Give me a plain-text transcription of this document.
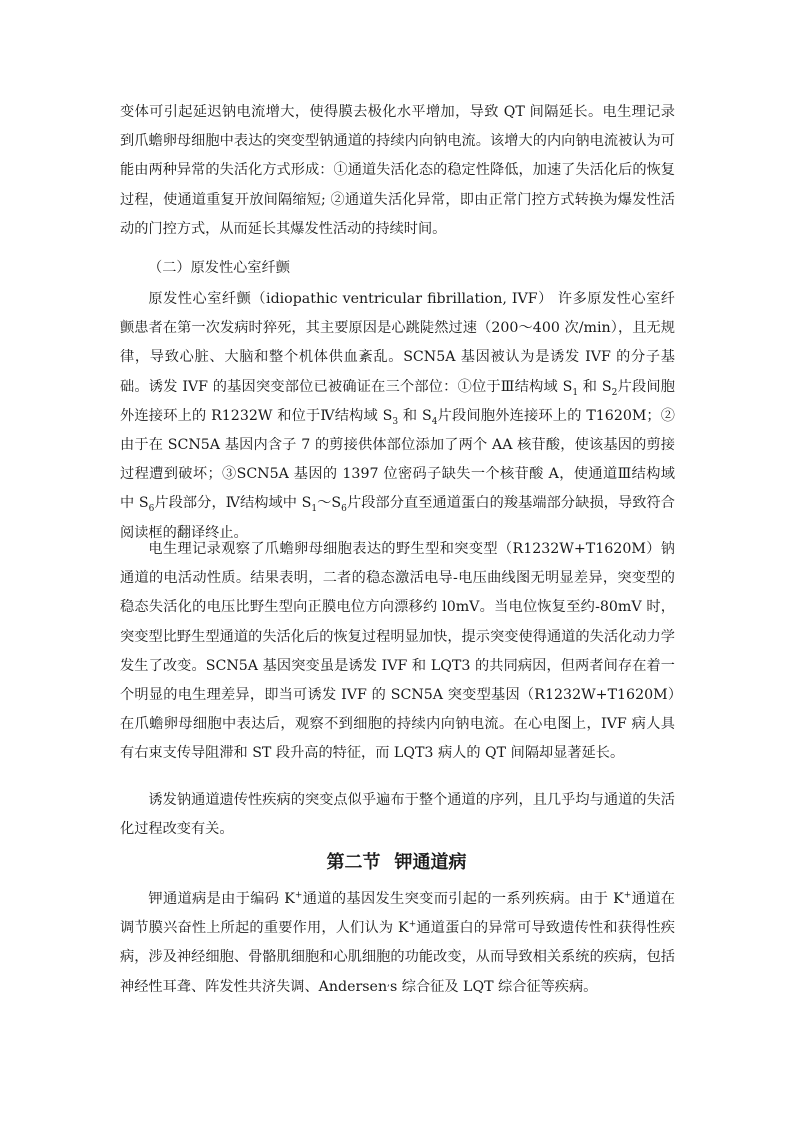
变体可引起延迟钠电流增大，使得膜去极化水平增加，导致 QT 间隔延长。电生理记录到爪蟾卵母细胞中表达的突变型钠通道的持续内向钠电流。该增大的内向钠电流被认为可能由两种异常的失活化方式形成：①通道失活化态的稳定性降低，加速了失活化后的恢复过程，使通道重复开放间隔缩短; ②通道失活化异常，即由正常门控方式转换为爆发性活动的门控方式，从而延长其爆发性活动的持续时间。

（二）原发性心室纤颤

原发性心室纤颤（idiopathic ventricular fibrillation, IVF） 许多原发性心室纤颤患者在第一次发病时猝死，其主要原因是心跳陡然过速（200～400 次/min），且无规律，导致心脏、大脑和整个机体供血紊乱。SCN5A 基因被认为是诱发 IVF 的分子基础。诱发 IVF 的基因突变部位已被确证在三个部位：①位于Ⅲ结构域 $S_1$ 和 $S_2$片段间胞外连接环上的 R1232W 和位于Ⅳ结构域 $S_3$ 和 $S_4$片段间胞外连接环上的 T1620M；②由于在 SCN5A 基因内含子 7 的剪接供体部位添加了两个 AA 核苷酸，使该基因的剪接过程遭到破坏；③SCN5A 基因的 1397 位密码子缺失一个核苷酸 A，使通道Ⅲ结构域中 $S_6$片段部分，Ⅳ结构域中 $S_1\sim S_6$片段部分直至通道蛋白的羧基端部分缺损，导致符合阅读框的翻译终止。

电生理记录观察了爪蟾卵母细胞表达的野生型和突变型（R1232W+T1620M）钠通道的电活动性质。结果表明，二者的稳态激活电导-电压曲线图无明显差异，突变型的稳态失活化的电压比野生型向正膜电位方向漂移约 l0mV。当电位恢复至约-80mV 时，突变型比野生型通道的失活化后的恢复过程明显加快，提示突变使得通道的失活化动力学发生了改变。SCN5A 基因突变虽是诱发 IVF 和 LQT3 的共同病因，但两者间存在着一个明显的电生理差异，即当可诱发 IVF 的 SCN5A 突变型基因（R1232W+T1620M）在爪蟾卵母细胞中表达后，观察不到细胞的持续内向钠电流。在心电图上，IVF 病人具有右束支传导阻滞和 ST 段升高的特征，而 LQT3 病人的 QT 间隔却显著延长。

诱发钠通道遗传性疾病的突变点似乎遍布于整个通道的序列，且几乎均与通道的失活化过程改变有关。

第二节 钾通道病

钾通道病是由于编码 K+通道的基因发生突变而引起的一系列疾病。由于 K+通道在调节膜兴奋性上所起的重要作用，人们认为 K+通道蛋白的异常可导致遗传性和获得性疾病，涉及神经细胞、骨骼肌细胞和心肌细胞的功能改变，从而导致相关系统的疾病，包括神经性耳聋、阵发性共济失调、Andersen,s 综合征及 LQT 综合征等疾病。
